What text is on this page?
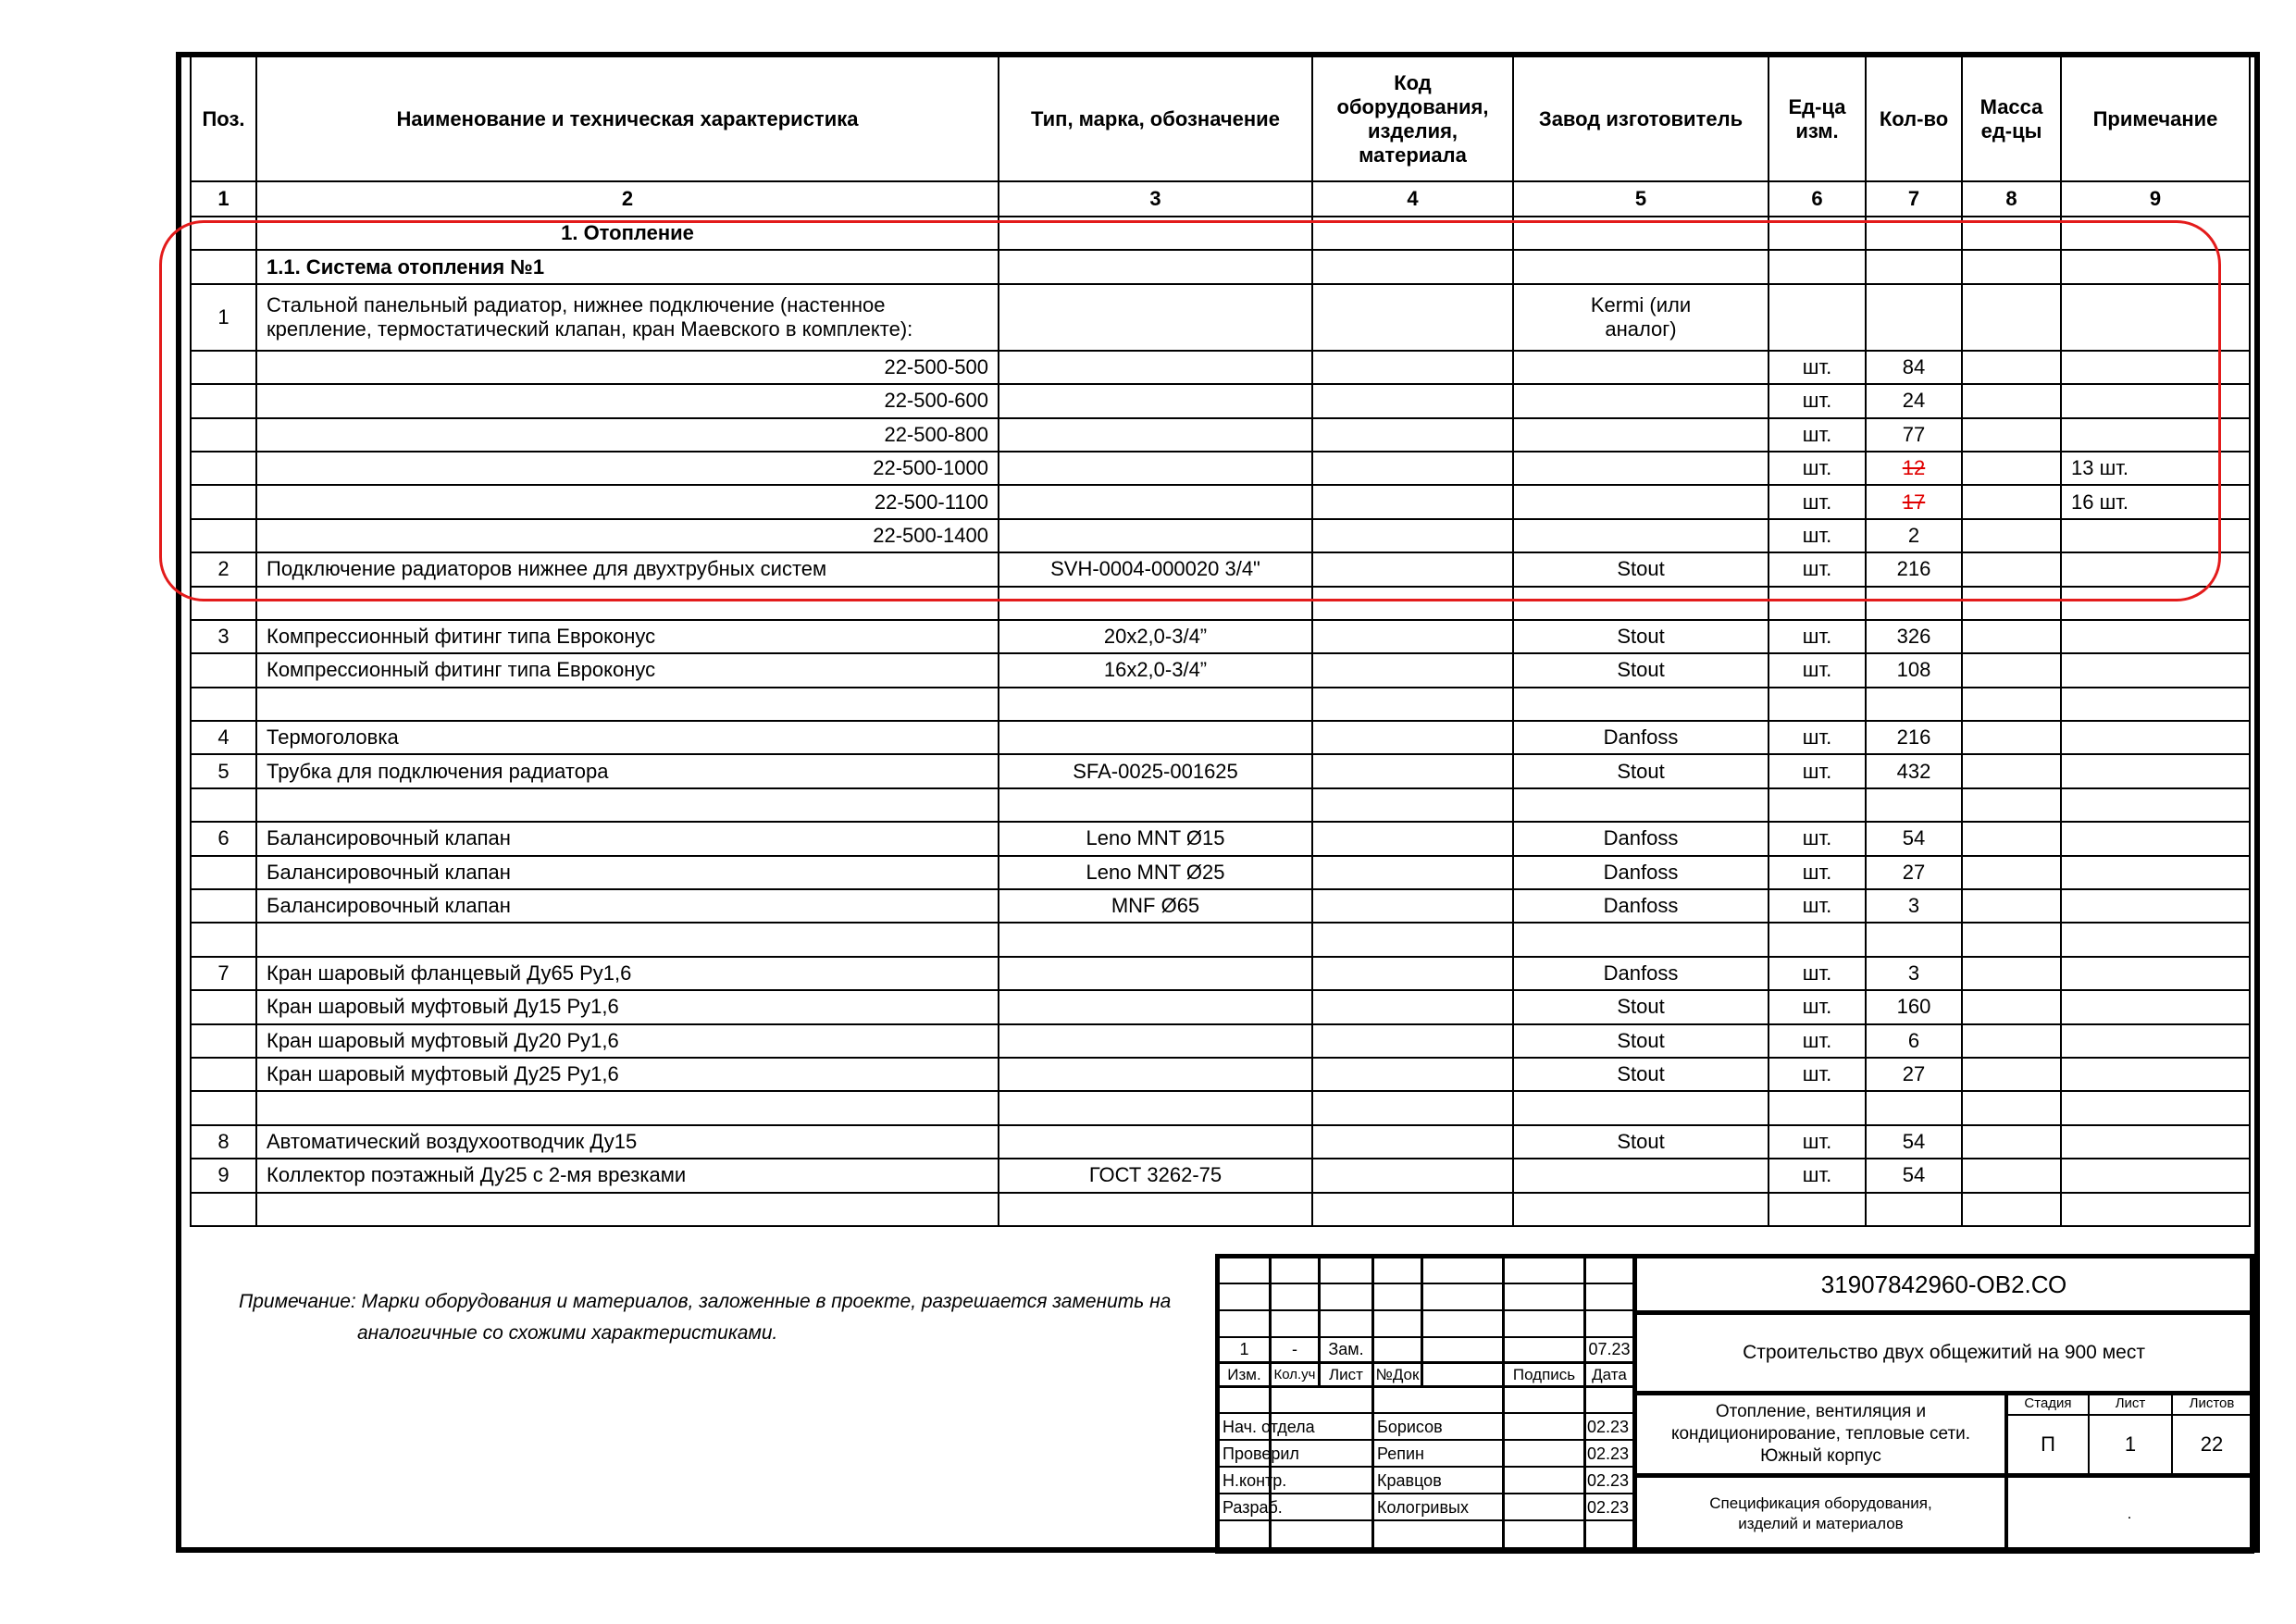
Поз.	Наименование и техническая характеристика	Тип, марка, обозначение	Код оборудования, изделия, материала	Завод изготовитель	Ед-ца изм.	Кол-во	Масса ед-цы	Примечание
1	2	3	4	5	6	7	8	9
	1. Отопление							
	1.1. Система отопления №1							
1	Стальной панельный радиатор, нижнее подключение (настенное крепление, термостатический клапан, кран Маевского в комплекте):			Kermi (или аналог)				
	22-500-500				шт.	84		
	22-500-600				шт.	24		
	22-500-800				шт.	77		
	22-500-1000				шт.	12		13 шт.
	22-500-1100				шт.	17		16 шт.
	22-500-1400				шт.	2		
2	Подключение радиаторов нижнее для двухтрубных систем	SVH-0004-000020 3/4"		Stout	шт.	216		

3	Компрессионный фитинг типа Евроконус	20x2,0-3/4”		Stout	шт.	326		
	Компрессионный фитинг типа Евроконус	16x2,0-3/4”		Stout	шт.	108		

4	Термоголовка			Danfoss	шт.	216		
5	Трубка для подключения радиатора	SFA-0025-001625		Stout	шт.	432		

6	Балансировочный клапан	Leno MNT Ø15		Danfoss	шт.	54		
	Балансировочный клапан	Leno MNT Ø25		Danfoss	шт.	27		
	Балансировочный клапан	MNF Ø65		Danfoss	шт.	3		

7	Кран шаровый фланцевый Ду65 Ру1,6			Danfoss	шт.	3		
	Кран шаровый муфтовый Ду15 Ру1,6			Stout	шт.	160		
	Кран шаровый муфтовый Ду20 Ру1,6			Stout	шт.	6		
	Кран шаровый муфтовый Ду25 Ру1,6			Stout	шт.	27		

8	Автоматический воздухоотводчик Ду15			Stout	шт.	54		
9	Коллектор поэтажный Ду25 с 2-мя врезками	ГОСТ 3262-75			шт.	54		

Примечание: Марки оборудования и материалов, заложенные в проекте, разрешается заменить на
аналогичные со схожими характеристиками.
1	-	Зам.	07.23
Изм. Кол.уч Лист №Док	Подпись	Дата
Нач. отдела	Борисов	02.23
Проверил	Репин	02.23
Н.контр.	Кравцов	02.23
Разраб.	Кологривых	02.23
31907842960-ОВ2.СО
Строительство двух общежитий на 900 мест
Отопление, вентиляция и
кондиционирование, тепловые сети.
Южный корпус
Стадия	Лист	Листов
П	1	22
Спецификация оборудования,
изделий и материалов
.
